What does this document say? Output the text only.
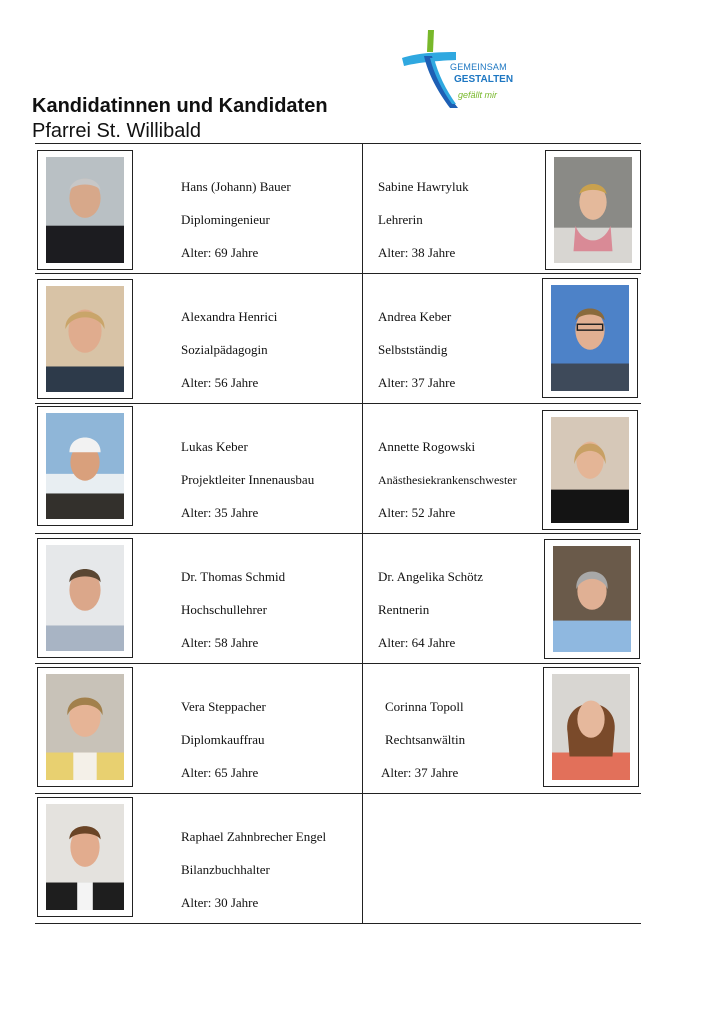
Kandidatinnen und Kandidaten
Pfarrei St. Willibald
GEMEINSAM
GESTALTEN
gefällt mir
Hans (Johann) Bauer
Diplomingenieur
Alter: 69 Jahre
Sabine Hawryluk
Lehrerin
Alter: 38 Jahre
Alexandra Henrici
Sozialpädagogin
Alter: 56 Jahre
Andrea Keber
Selbstständig
Alter: 37 Jahre
Lukas Keber
Projektleiter Innenausbau
Alter: 35 Jahre
Annette Rogowski
Anästhesiekrankenschwester
Alter: 52 Jahre
Dr. Thomas Schmid
Hochschullehrer
Alter: 58 Jahre
Dr. Angelika Schötz
Rentnerin
Alter: 64 Jahre
Vera Steppacher
Diplomkauffrau
Alter: 65 Jahre
Corinna Topoll
Rechtsanwältin
Alter: 37 Jahre
Raphael Zahnbrecher Engel
Bilanzbuchhalter
Alter: 30 Jahre
